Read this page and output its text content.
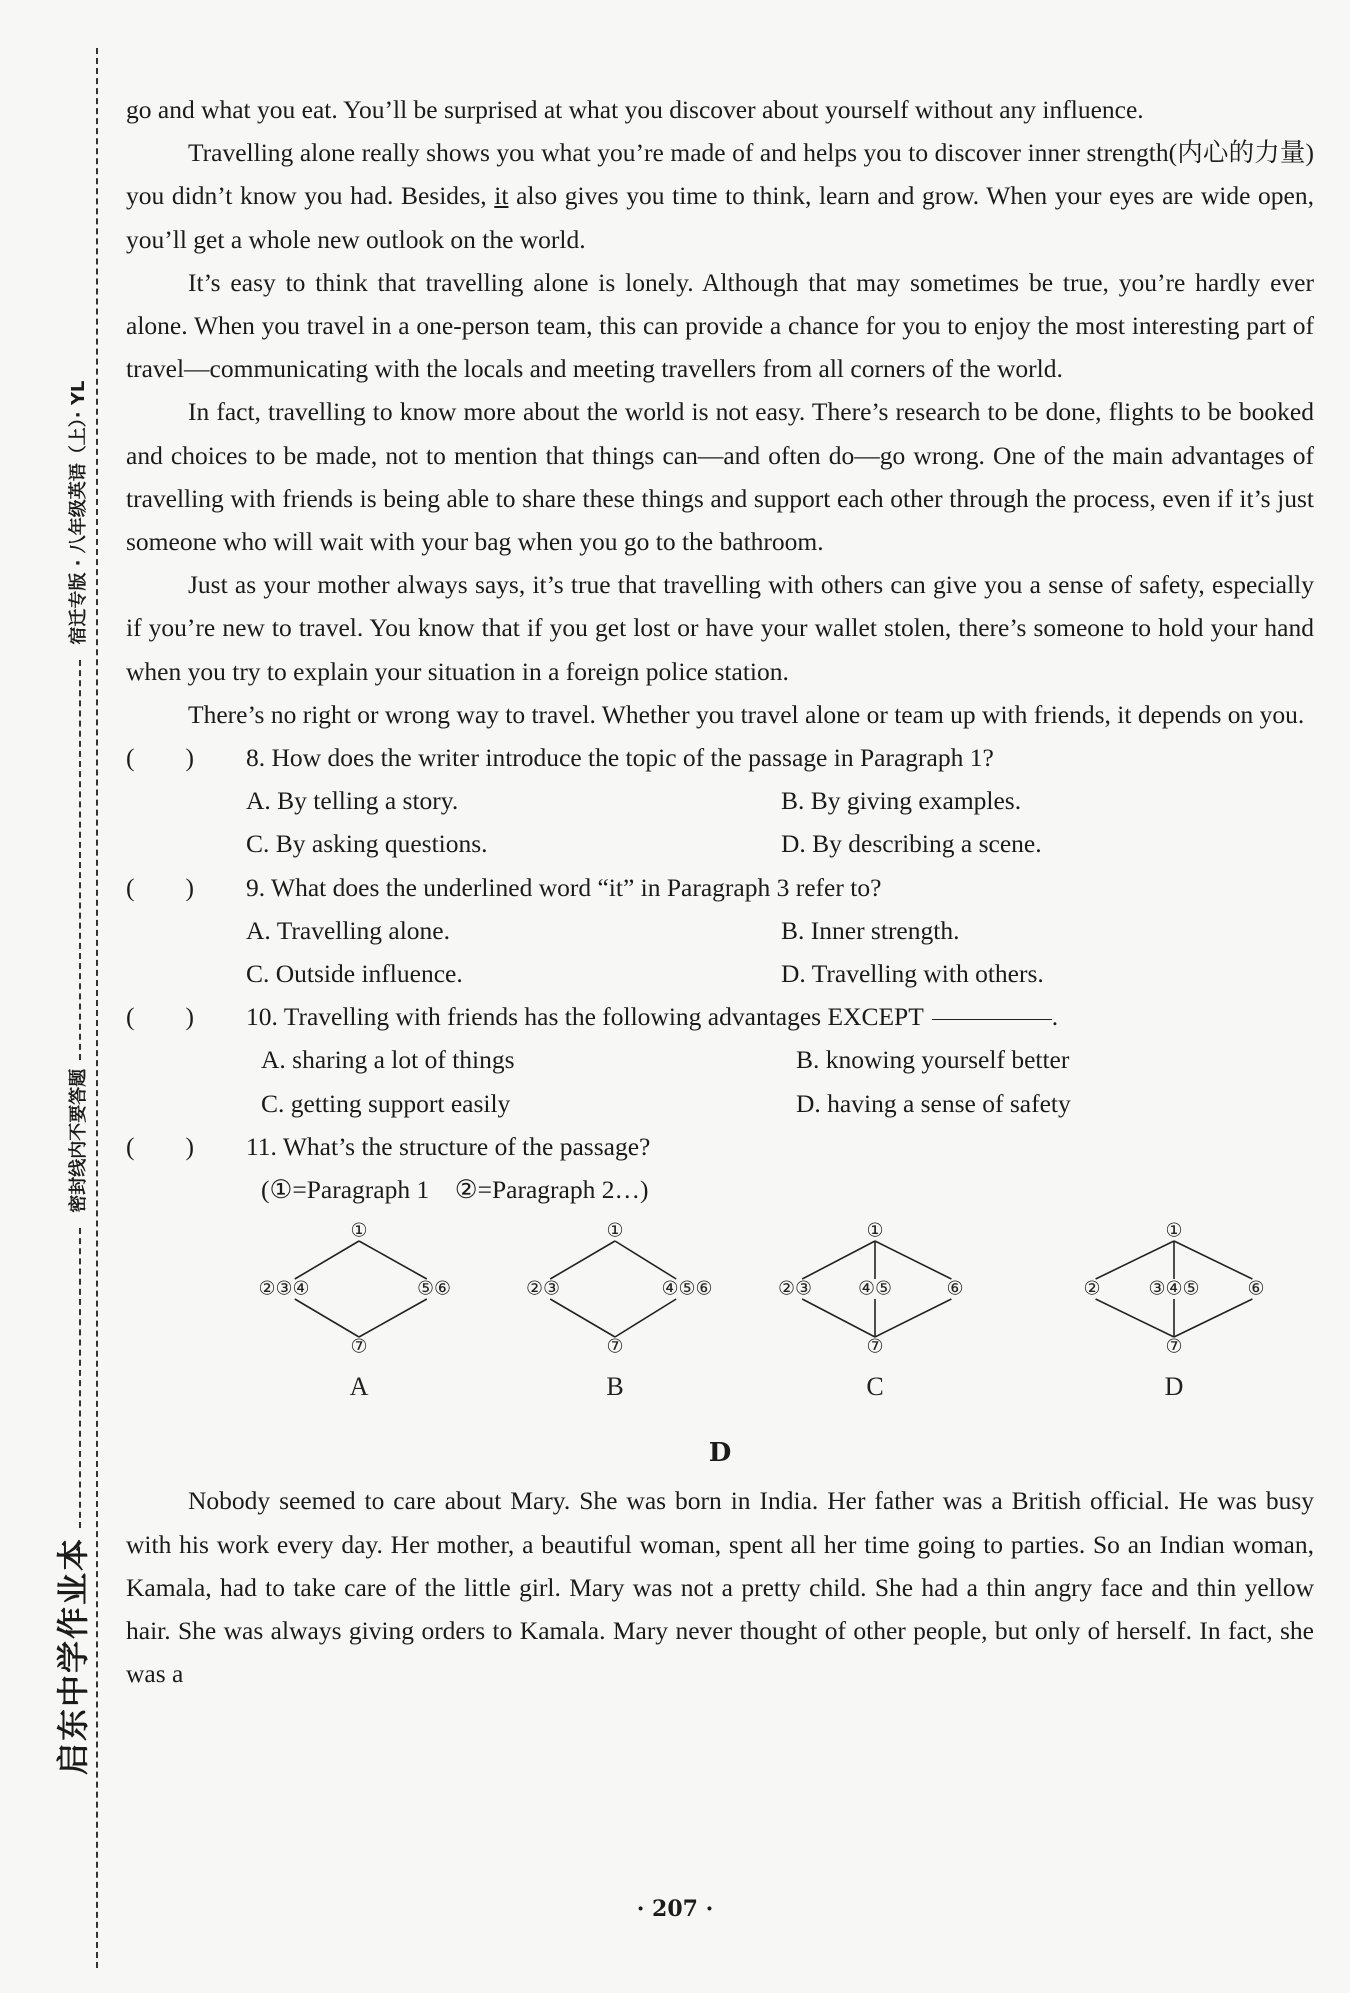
启东中学作业本  密封线内不要答题  宿迁专版 · 八年级英语（上）· YL

go and what you eat. You’ll be surprised at what you discover about yourself without any influence.

Travelling alone really shows you what you’re made of and helps you to discover inner strength(内心的力量) you didn’t know you had. Besides, it also gives you time to think, learn and grow. When your eyes are wide open, you’ll get a whole new outlook on the world.

It’s easy to think that travelling alone is lonely. Although that may sometimes be true, you’re hardly ever alone. When you travel in a one-person team, this can provide a chance for you to enjoy the most interesting part of travel—communicating with the locals and meeting travellers from all corners of the world.

In fact, travelling to know more about the world is not easy. There’s research to be done, flights to be booked and choices to be made, not to mention that things can—and often do—go wrong. One of the main advantages of travelling with friends is being able to share these things and support each other through the process, even if it’s just someone who will wait with your bag when you go to the bathroom.

Just as your mother always says, it’s true that travelling with others can give you a sense of safety, especially if you’re new to travel. You know that if you get lost or have your wallet stolen, there’s someone to hold your hand when you try to explain your situation in a foreign police station.

There’s no right or wrong way to travel. Whether you travel alone or team up with friends, it depends on you.

(　　)	8. How does the writer introduce the topic of the passage in Paragraph 1?
A. By telling a story.	B. By giving examples.
C. By asking questions.	D. By describing a scene.
(　　)	9. What does the underlined word “it” in Paragraph 3 refer to?
A. Travelling alone.	B. Inner strength.
C. Outside influence.	D. Travelling with others.
(　　)	10. Travelling with friends has the following advantages EXCEPT	.
A. sharing a lot of things	B. knowing yourself better
C. getting support easily	D. having a sense of safety
(　　)	11. What’s the structure of the passage?
(①=Paragraph 1　②=Paragraph 2…)
①
②③④	⑤⑥
⑦
A
①
②③	④⑤⑥
⑦
B
①
②③	⑥
④⑤
⑦
C
①
②	⑥
③④⑤
⑦
D
D

Nobody seemed to care about Mary. She was born in India. Her father was a British official. He was busy with his work every day. Her mother, a beautiful woman, spent all her time going to parties. So an Indian woman, Kamala, had to take care of the little girl. Mary was not a pretty child. She had a thin angry face and thin yellow hair. She was always giving orders to Kamala. Mary never thought of other people, but only of herself. In fact, she was a

· 207 ·
